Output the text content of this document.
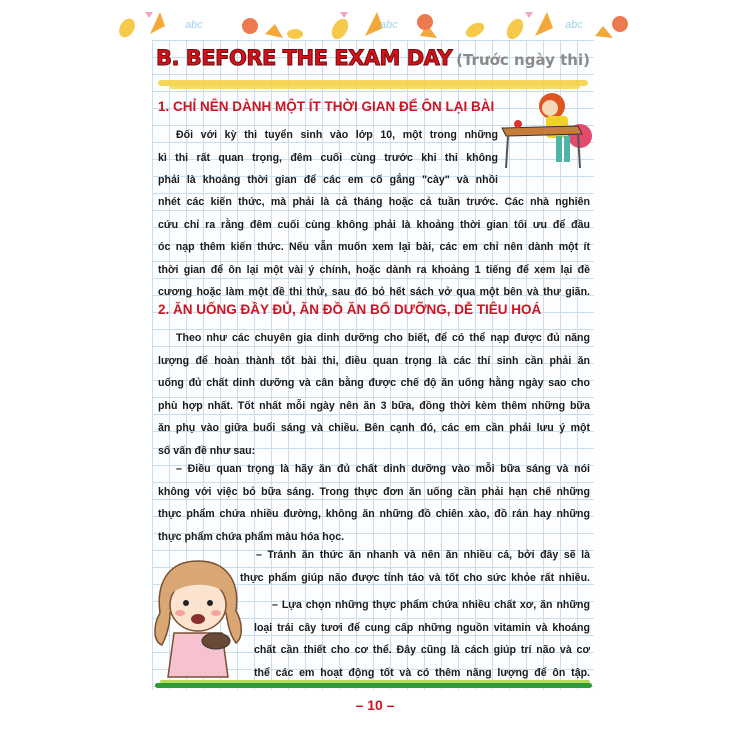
abc	abc	abc
B. BEFORE THE EXAM DAY (Trước ngày thi)
1. CHỈ NÊN DÀNH MỘT ÍT THỜI GIAN ĐỂ ÔN LẠI BÀI
Đối với kỳ thi tuyển sinh vào lớp 10, một trong những
kì thi rất quan trọng, đêm cuối cùng trước khi thi không
phải là khoảng thời gian để các em cố gắng "cày" và nhồi
nhét các kiến thức, mà phải là cả tháng hoặc cả tuần trước. Các nhà nghiên
cứu chỉ ra rằng đêm cuối cùng không phải là khoảng thời gian tối ưu để đầu
óc nạp thêm kiến thức. Nếu vẫn muốn xem lại bài, các em chỉ nên dành một ít
thời gian để ôn lại một vài ý chính, hoặc dành ra khoảng 1 tiếng để xem lại đề
cương hoặc làm một đề thi thử, sau đó bỏ hết sách vở qua một bên và thư giãn.
2. ĂN UỐNG ĐẦY ĐỦ, ĂN ĐỒ ĂN BỔ DƯỠNG, DỄ TIÊU HOÁ
Theo như các chuyên gia dinh dưỡng cho biết, để có thể nạp được đủ năng
lượng để hoàn thành tốt bài thi, điều quan trọng là các thí sinh cần phải ăn
uống đủ chất dinh dưỡng và cân bằng được chế độ ăn uống hằng ngày sao cho
phù hợp nhất. Tốt nhất mỗi ngày nên ăn 3 bữa, đồng thời kèm thêm những bữa
ăn phụ vào giữa buổi sáng và chiều. Bên cạnh đó, các em cần phải lưu ý một
số vấn đề như sau:
– Điều quan trọng là hãy ăn đủ chất dinh dưỡng vào mỗi bữa sáng và nói
không với việc bỏ bữa sáng. Trong thực đơn ăn uống cần phải hạn chế những
thực phẩm chứa nhiều đường, không ăn những đồ chiên xào, đồ rán hay những
thực phẩm chứa phẩm màu hóa học.
– Tránh ăn thức ăn nhanh và nên ăn nhiều cá, bởi đây sẽ là
thực phẩm giúp não được tỉnh táo và tốt cho sức khỏe rất nhiều.
– Lựa chọn những thực phẩm chứa nhiều chất xơ, ăn những
loại trái cây tươi để cung cấp những nguồn vitamin và khoáng
chất cần thiết cho cơ thể. Đây cũng là cách giúp trí não và cơ
thể các em hoạt động tốt và có thêm năng lượng để ôn tập.
– 10 –
